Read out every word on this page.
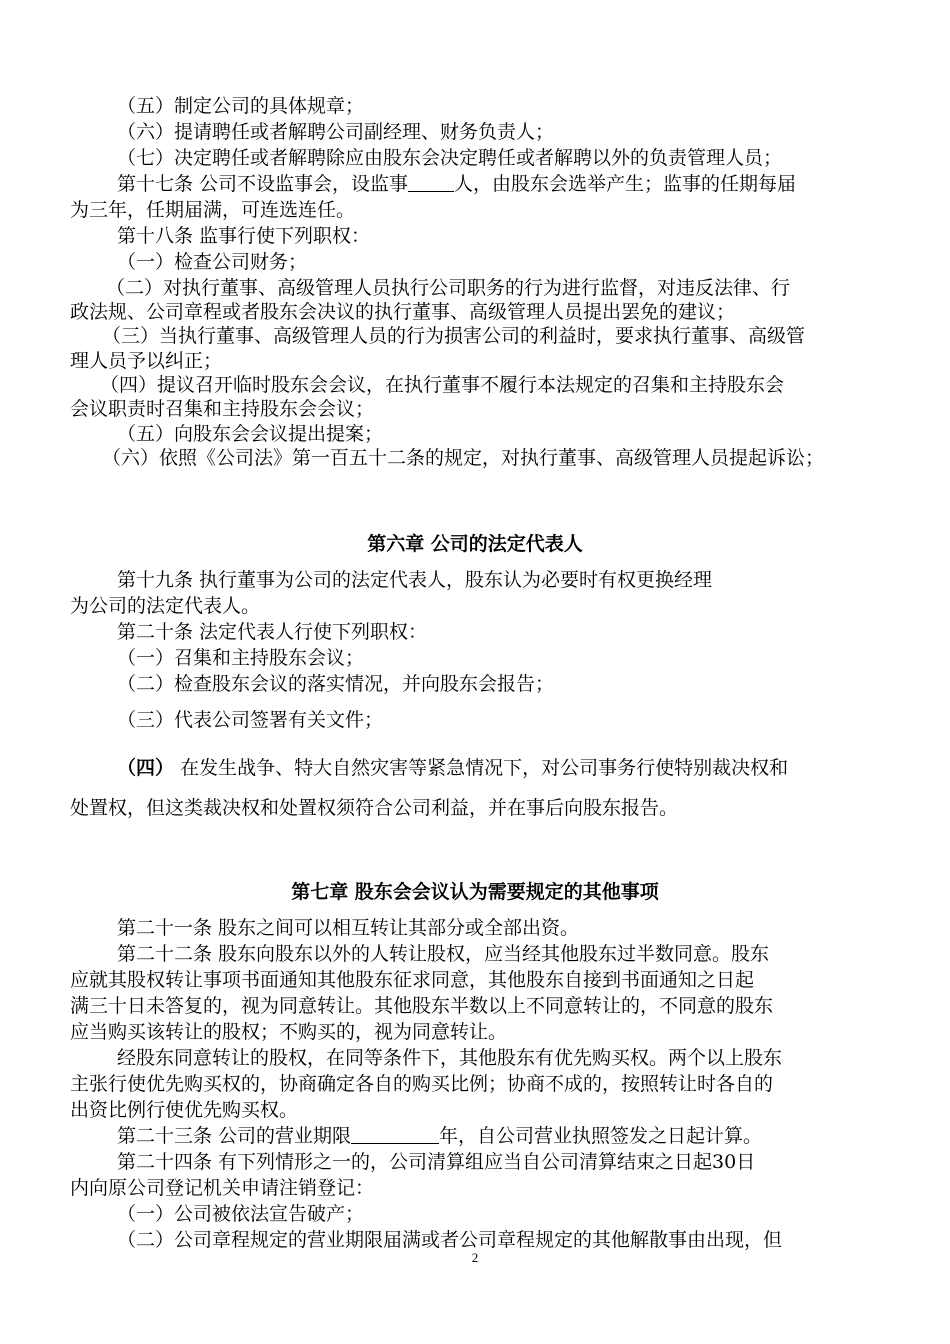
（五）制定公司的具体规章；
（六）提请聘任或者解聘公司副经理、财务负责人；
（七）决定聘任或者解聘除应由股东会决定聘任或者解聘以外的负责管理人员；
第十七条 公司不设监事会，设监事 人，由股东会选举产生；监事的任期每届
为三年，任期届满，可连选连任。
第十八条 监事行使下列职权：
（一）检查公司财务；
（二）对执行董事、高级管理人员执行公司职务的行为进行监督，对违反法律、行
政法规、公司章程或者股东会决议的执行董事、高级管理人员提出罢免的建议；
（三）当执行董事、高级管理人员的行为损害公司的利益时，要求执行董事、高级管
理人员予以纠正；
（四）提议召开临时股东会会议，在执行董事不履行本法规定的召集和主持股东会
会议职责时召集和主持股东会会议；
（五）向股东会会议提出提案；
（六）依照《公司法》第一百五十二条的规定，对执行董事、高级管理人员提起诉讼；
第六章 公司的法定代表人
第十九条 执行董事为公司的法定代表人，股东认为必要时有权更换经理
为公司的法定代表人。
第二十条 法定代表人行使下列职权：
（一）召集和主持股东会议；
（二）检查股东会议的落实情况，并向股东会报告；
（三）代表公司签署有关文件；
（四） 在发生战争、特大自然灾害等紧急情况下，对公司事务行使特别裁决权和
处置权，但这类裁决权和处置权须符合公司利益，并在事后向股东报告。
第七章 股东会会议认为需要规定的其他事项
第二十一条 股东之间可以相互转让其部分或全部出资。
第二十二条 股东向股东以外的人转让股权，应当经其他股东过半数同意。股东
应就其股权转让事项书面通知其他股东征求同意，其他股东自接到书面通知之日起
满三十日未答复的，视为同意转让。其他股东半数以上不同意转让的，不同意的股东
应当购买该转让的股权；不购买的，视为同意转让。
经股东同意转让的股权，在同等条件下，其他股东有优先购买权。两个以上股东
主张行使优先购买权的，协商确定各自的购买比例；协商不成的，按照转让时各自的
出资比例行使优先购买权。
第二十三条 公司的营业期限	年，自公司营业执照签发之日起计算。
第二十四条 有下列情形之一的，公司清算组应当自公司清算结束之日起30日
内向原公司登记机关申请注销登记：
（一）公司被依法宣告破产；
（二）公司章程规定的营业期限届满或者公司章程规定的其他解散事由出现，但
2
